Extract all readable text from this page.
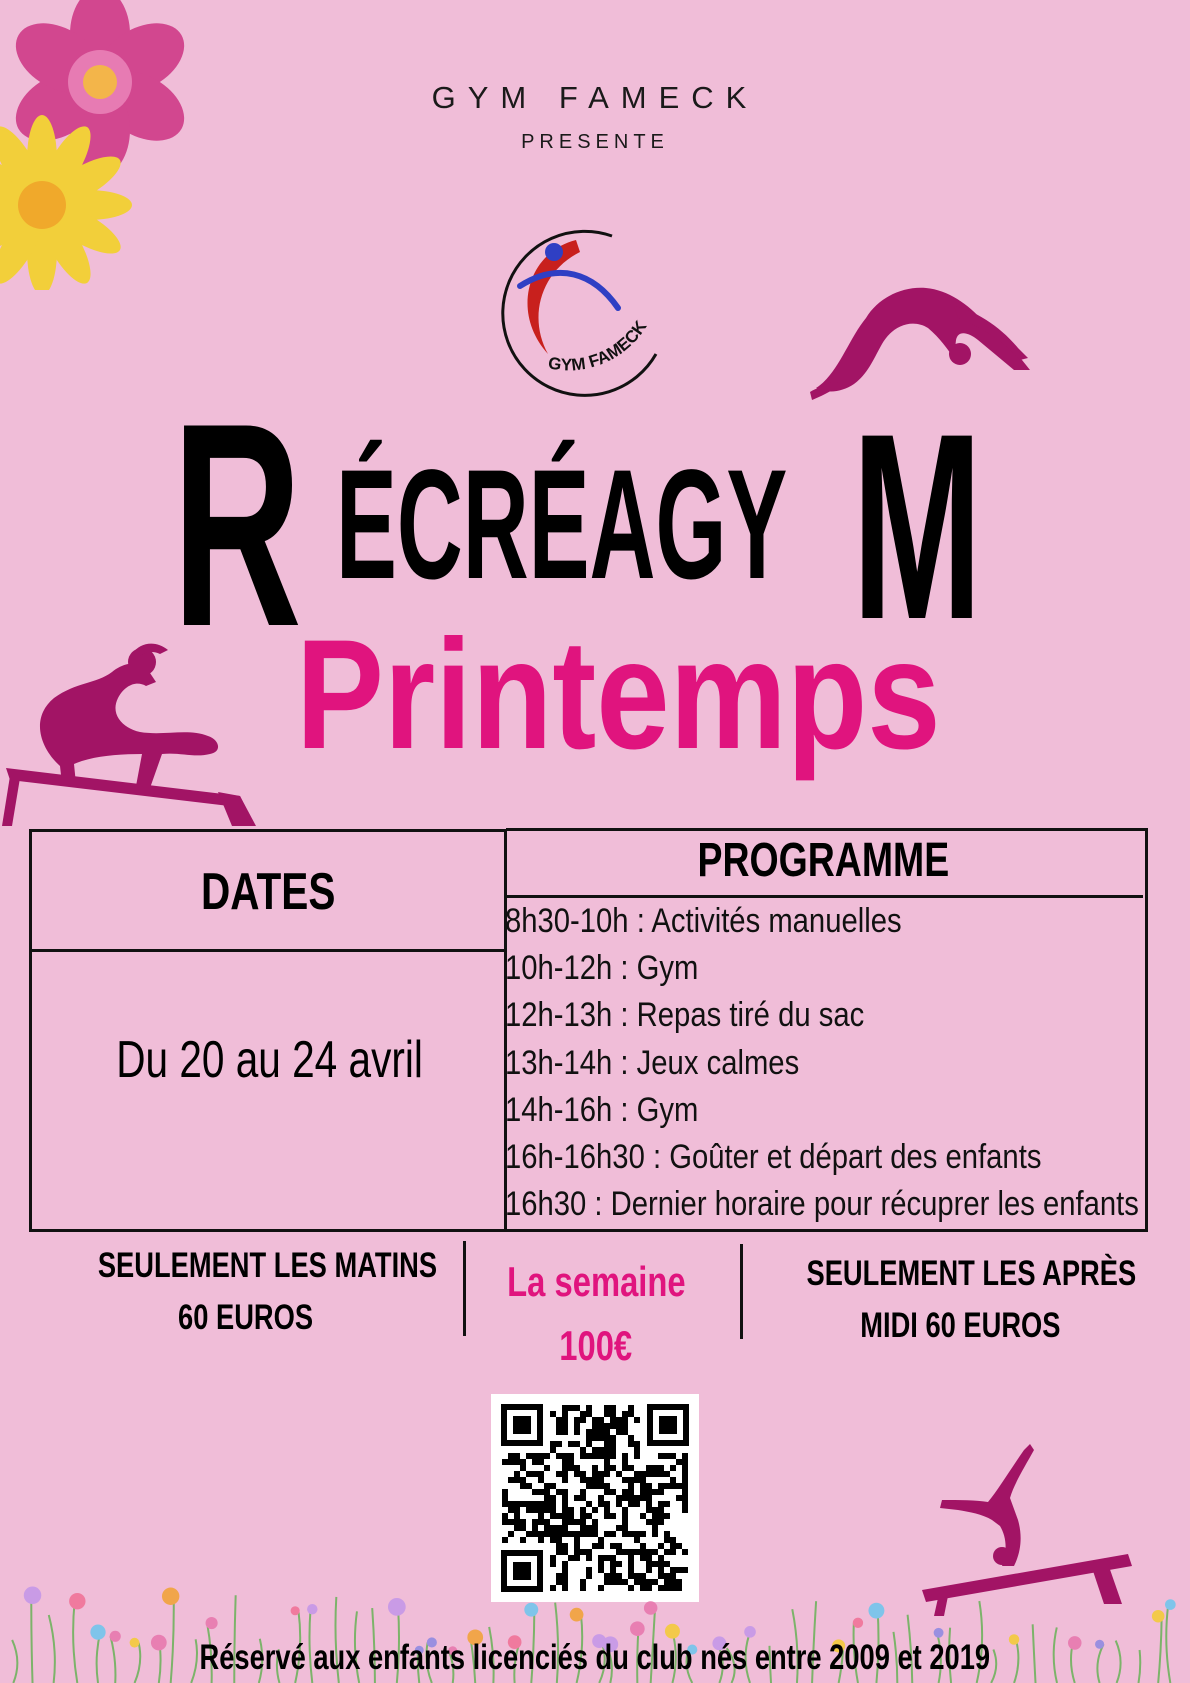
GYM FAMECK
PRESENTE
GYM FAMECK
R ÉCRÉAGY M
Printemps
DATES
Du 20 au 24 avril
PROGRAMME
8h30-10h : Activités manuelles
10h-12h : Gym
12h-13h : Repas tiré du sac
13h-14h : Jeux calmes
14h-16h : Gym
16h-16h30 : Goûter et départ des enfants
16h30 : Dernier horaire pour récuprer les enfants
SEULEMENT LES MATINS
60 EUROS
La semaine
100€
SEULEMENT LES APRÈS
MIDI 60 EUROS
Réservé aux enfants licenciés du club nés entre 2009 et 2019
